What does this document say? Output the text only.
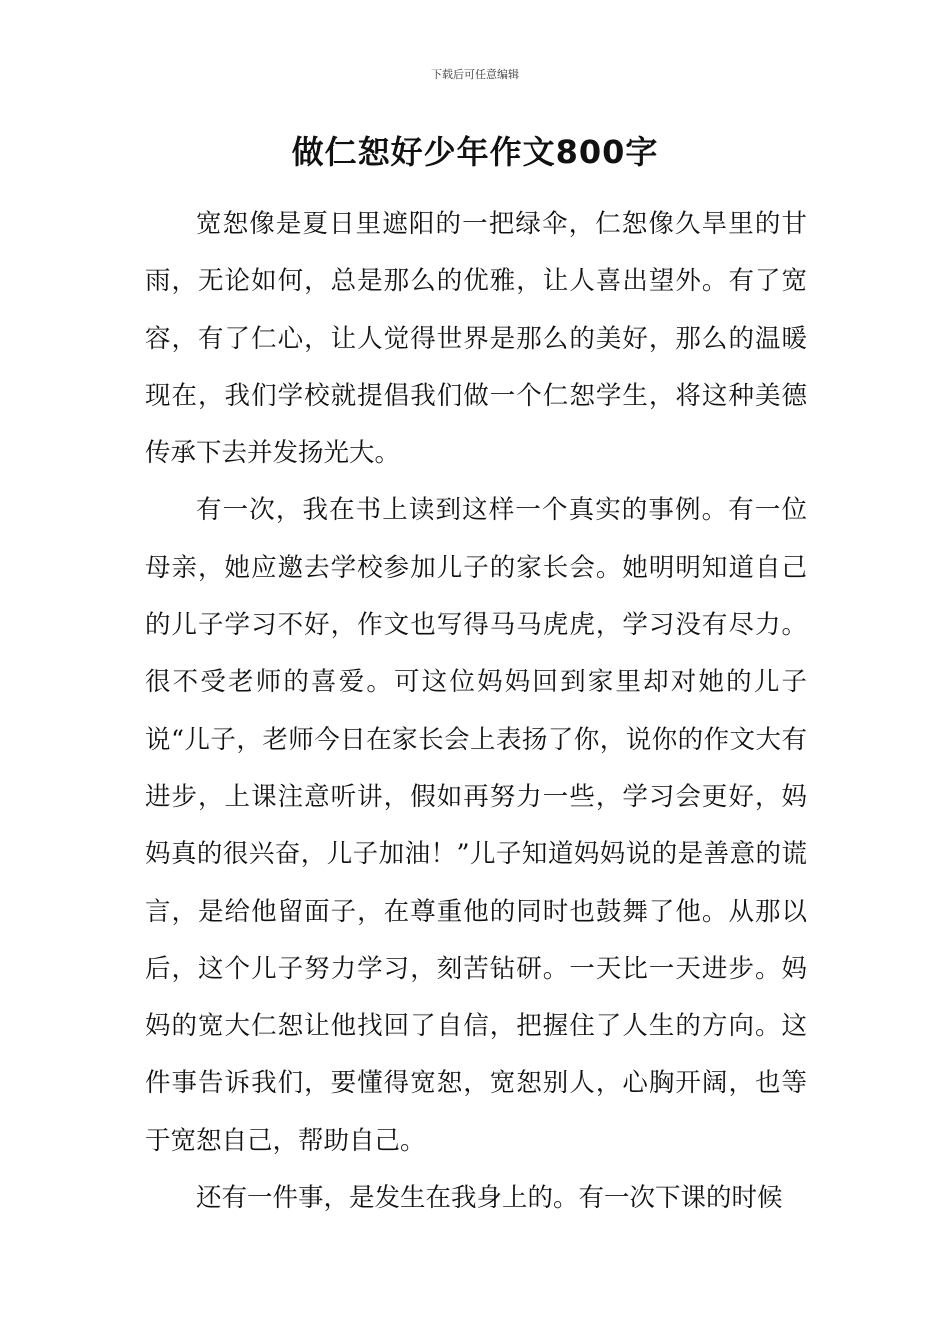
下载后可任意编辑
做仁恕好少年作文800字

宽恕像是夏日里遮阳的一把绿伞，仁恕像久旱里的甘雨，无论如何，总是那么的优雅，让人喜出望外。有了宽容，有了仁心，让人觉得世界是那么的美好，那么的温暖现在，我们学校就提倡我们做一个仁恕学生，将这种美德传承下去并发扬光大。

有一次，我在书上读到这样一个真实的事例。有一位母亲，她应邀去学校参加儿子的家长会。她明明知道自己的儿子学习不好，作文也写得马马虎虎，学习没有尽力。很不受老师的喜爱。可这位妈妈回到家里却对她的儿子说“儿子，老师今日在家长会上表扬了你，说你的作文大有进步，上课注意听讲，假如再努力一些，学习会更好，妈妈真的很兴奋，儿子加油！”儿子知道妈妈说的是善意的谎言，是给他留面子，在尊重他的同时也鼓舞了他。从那以后，这个儿子努力学习，刻苦钻研。一天比一天进步。妈妈的宽大仁恕让他找回了自信，把握住了人生的方向。这件事告诉我们，要懂得宽恕，宽恕别人，心胸开阔，也等于宽恕自己，帮助自己。

还有一件事，是发生在我身上的。有一次下课的时候
